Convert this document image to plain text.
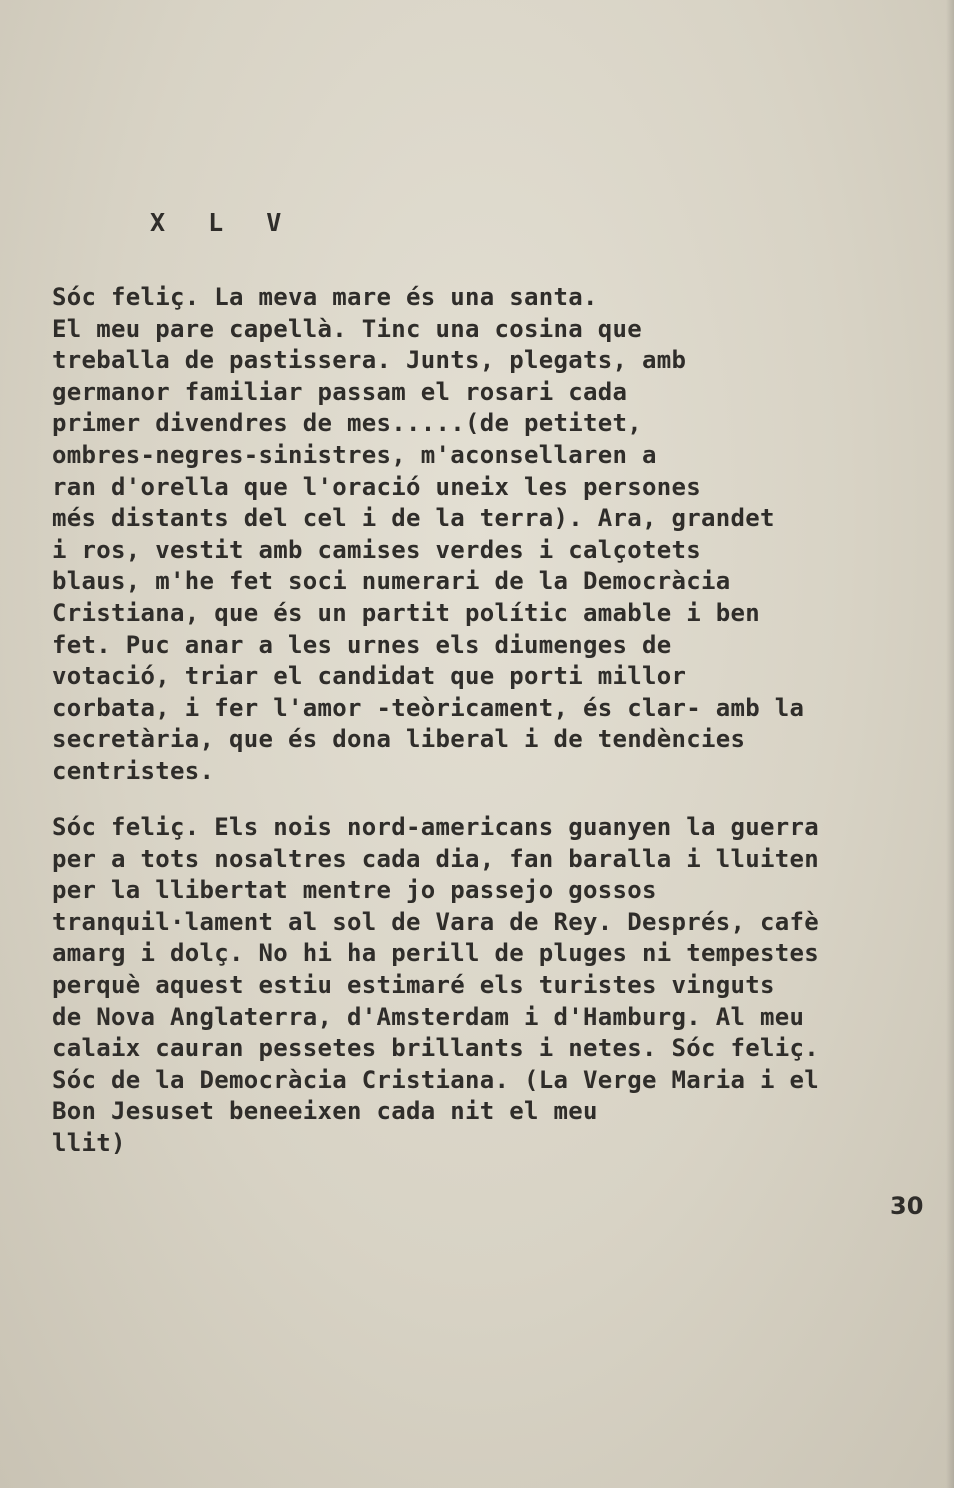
X L V
Sóc feliç. La meva mare és una santa.
El meu pare capellà. Tinc una cosina que
treballa de pastissera. Junts, plegats, amb
germanor familiar passam el rosari cada
primer divendres de mes.....(de petitet,
ombres-negres-sinistres, m'aconsellaren a
ran d'orella que l'oració uneix les persones
més distants del cel i de la terra). Ara, grandet
i ros, vestit amb camises verdes i calçotets
blaus, m'he fet soci numerari de la Democràcia
Cristiana, que és un partit polític amable i ben
fet. Puc anar a les urnes els diumenges de
votació, triar el candidat que porti millor
corbata, i fer l'amor -teòricament, és clar- amb la
secretària, que és dona liberal i de tendències
centristes.
Sóc feliç. Els nois nord-americans guanyen la guerra
per a tots nosaltres cada dia, fan baralla i lluiten
per la llibertat mentre jo passejo gossos
tranquil·lament al sol de Vara de Rey. Després, cafè
amarg i dolç. No hi ha perill de pluges ni tempestes
perquè aquest estiu estimaré els turistes vinguts
de Nova Anglaterra, d'Amsterdam i d'Hamburg. Al meu
calaix cauran pessetes brillants i netes. Sóc feliç.
Sóc de la Democràcia Cristiana. (La Verge Maria i el
Bon Jesuset beneeixen cada nit el meu
llit)
30
